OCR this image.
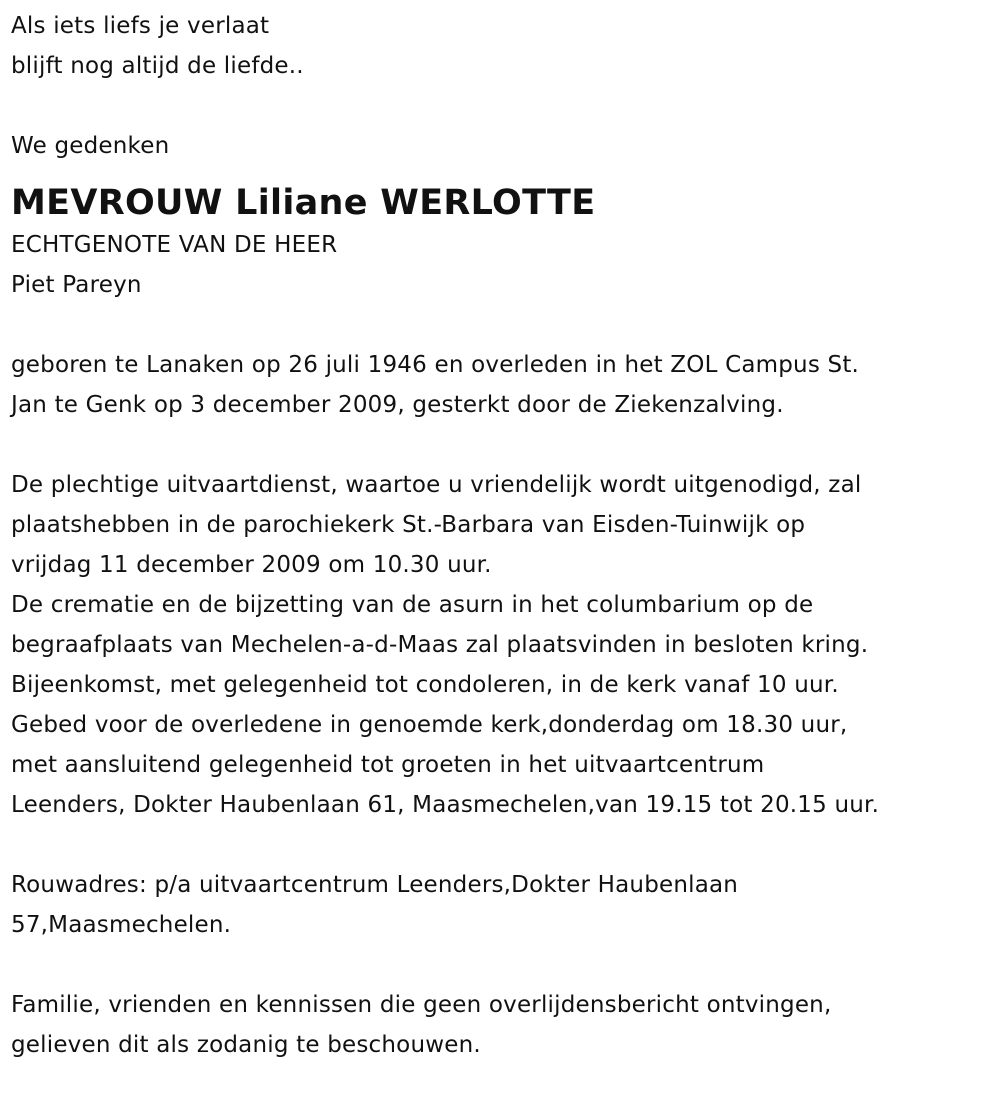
Als iets liefs je verlaat
blijft nog altijd de liefde..
We gedenken
MEVROUW Liliane WERLOTTE
ECHTGENOTE VAN DE HEER
Piet Pareyn
geboren te Lanaken op 26 juli 1946 en overleden in het ZOL Campus St.
Jan te Genk op 3 december 2009, gesterkt door de Ziekenzalving.
De plechtige uitvaartdienst, waartoe u vriendelijk wordt uitgenodigd, zal
plaatshebben in de parochiekerk St.-Barbara van Eisden-Tuinwijk op
vrijdag 11 december 2009 om 10.30 uur.
De crematie en de bijzetting van de asurn in het columbarium op de
begraafplaats van Mechelen-a-d-Maas zal plaatsvinden in besloten kring.
Bijeenkomst, met gelegenheid tot condoleren, in de kerk vanaf 10 uur.
Gebed voor de overledene in genoemde kerk,donderdag om 18.30 uur,
met aansluitend gelegenheid tot groeten in het uitvaartcentrum
Leenders, Dokter Haubenlaan 61, Maasmechelen,van 19.15 tot 20.15 uur.
Rouwadres: p/a uitvaartcentrum Leenders,Dokter Haubenlaan
57,Maasmechelen.
Familie, vrienden en kennissen die geen overlijdensbericht ontvingen,
gelieven dit als zodanig te beschouwen.
